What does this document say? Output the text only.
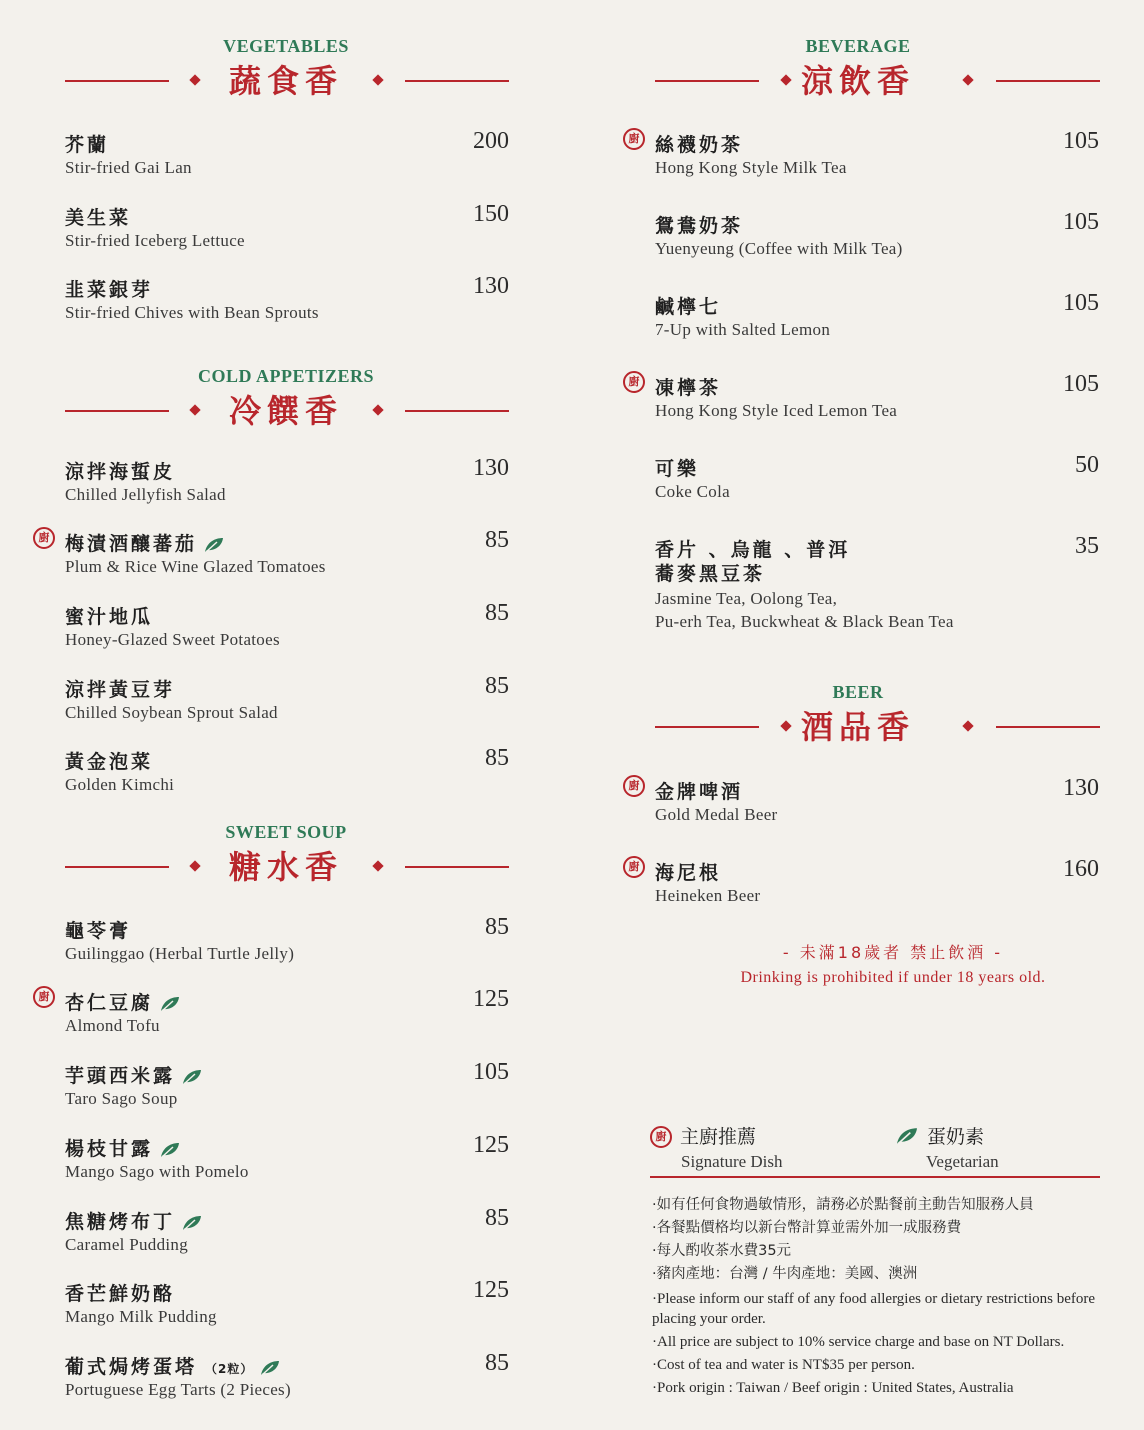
VEGETABLES
蔬食香
芥蘭
Stir-fried Gai Lan
200
美生菜
Stir-fried Iceberg Lettuce
150
韭菜銀芽
Stir-fried Chives with Bean Sprouts
130
COLD APPETIZERS
冷饌香
涼拌海蜇皮
Chilled Jellyfish Salad
130
廚 梅漬酒釀蕃茄
Plum & Rice Wine Glazed Tomatoes
85
蜜汁地瓜
Honey-Glazed Sweet Potatoes
85
涼拌黃豆芽
Chilled Soybean Sprout Salad
85
黃金泡菜
Golden Kimchi
85
SWEET SOUP
糖水香
龜苓膏
Guilinggao (Herbal Turtle Jelly)
85
廚 杏仁豆腐
Almond Tofu
125
芋頭西米露
Taro Sago Soup
105
楊枝甘露
Mango Sago with Pomelo
125
焦糖烤布丁
Caramel Pudding
85
香芒鮮奶酪
Mango Milk Pudding
125
葡式焗烤蛋塔 （2粒）
Portuguese Egg Tarts (2 Pieces)
85
BEVERAGE
涼飲香
廚 絲襪奶茶
Hong Kong Style Milk Tea
105
鴛鴦奶茶
Yuenyeung (Coffee with Milk Tea)
105
鹹檸七
7-Up with Salted Lemon
105
廚 凍檸茶
Hong Kong Style Iced Lemon Tea
105
可樂
Coke Cola
50
香片 、烏龍 、普洱
蕎麥黑豆茶
Jasmine Tea, Oolong Tea,
Pu-erh Tea, Buckwheat & Black Bean Tea
35
BEER
酒品香
廚 金牌啤酒
Gold Medal Beer
130
廚 海尼根
Heineken Beer
160
- 未滿18歲者 禁止飲酒 -
Drinking is prohibited if under 18 years old.
廚 主廚推薦
Signature Dish
蛋奶素
Vegetarian
·如有任何食物過敏情形，請務必於點餐前主動告知服務人員
·各餐點價格均以新台幣計算並需外加一成服務費
·每人酌收茶水費35元
·豬肉產地：台灣 / 牛肉產地：美國、澳洲
·Please inform our staff of any food allergies or dietary restrictions before placing your order.
·All price are subject to 10% service charge and base on NT Dollars.
·Cost of tea and water is NT$35 per person.
·Pork origin : Taiwan / Beef origin : United States, Australia
